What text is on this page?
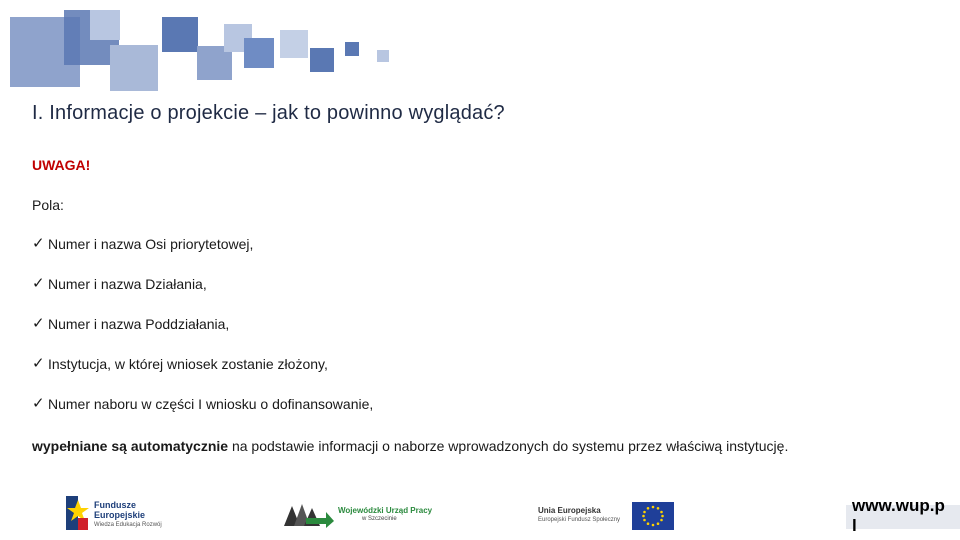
I. Informacje o projekcie – jak to powinno wyglądać?
UWAGA!
Pola:
✓ Numer i nazwa Osi priorytetowej,
✓ Numer i nazwa Działania,
✓ Numer i nazwa Poddziałania,
✓ Instytucja, w której wniosek zostanie złożony,
✓ Numer naboru w części I wniosku o dofinansowanie,
wypełniane są automatycznie na podstawie informacji o naborze wprowadzonych do systemu przez właściwą instytucję.
Fundusze
Europejskie
Wiedza Edukacja Rozwój
Wojewódzki Urząd Pracy
w Szczecinie
Unia Europejska
Europejski Fundusz Społeczny
www.wup.p l
